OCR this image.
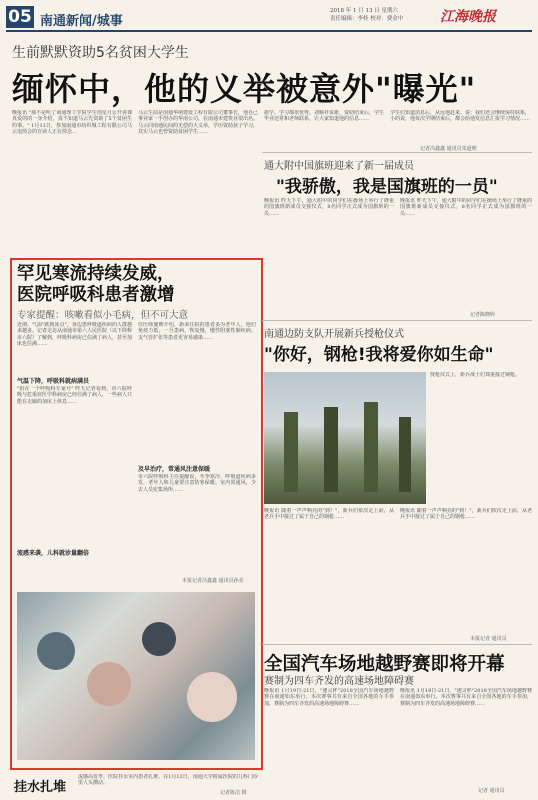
05 南通新闻/城事
2018 年 1 月 13 日 星期六
责任编辑：李桂 校对：费金中	江海晚报
生前默默资助5名贫困大学生
缅怀中，他的义举被意外"曝光"
晚报讯 "那不是听了南通理工学院学生创星月公开讲课真爱的的一身介绍，真不知道马云先资助了5个贫困生的事。" 1月11日，参加南通市纺织城工程有限公司马云追悼会的宣读人正在悼念…
马云生前是南通华纳建设工程有限公司董事长，他自己事业家一手创办的华南公司，在南通市建筑业很出名。马云同南通民间的无偿的大义举，学历资助孩子学习，其实马云也曾资助贫困学生……
据学、学习都很优秀。刘顺祥说新，资助结束后，学生毕业还常和老师联系，让大家知道他的信息……
学生们知道消息后，从远地赶来。说：我们还会继续保持联系，小的说，他每次学期结束后，都会给他发信息汇报学习情况……
记者冯鑫鑫 通讯员朱道理
罕见寒流持续发威，
医院呼吸科患者激增
专家提醒：咳嗽看似小毛病，但不可大意
近期，气温"跌到冰点"，身边患呼吸道疾病的人群越来越多。记者走访从南通市第六人民医院（以下简称市六院）了解到，呼吸科病房已住满了病人，甚至加床也住满……
气温下降，呼吸科就病满员
"拍在一个呼吸科专家号" 昨天记者看到，市六院呼吸与危重症医学科病房已经住满了病人，一些病人只能在走廊的加床上休息……
流感来袭，儿科就诊量翻倍
任医师施朝介绍，新来住院的患者多为老年人，他们免疫力低，一旦患病，恢复慢，慢性阻塞性肺疾病、支气管扩张等患者更容易感染……
及早治疗，常通风注意保暖
市六院呼吸科主任提醒说，冬季寒冷，呼吸道疾病多发，老年人和儿童要注意防寒保暖。室内常通风，少去人员密集场所……
本报记者冯鑫鑫 通讯员孙美
通大附中国旗班迎来了新一届成员
"我骄傲，我是国旗班的一员"
晚报讯 昨天下午，通大附中的同学们在操场上举行了隆重的国旗班新成员交接仪式，8名同学正式成为国旗班的一员……
晚报讯 昨天下午，通大附中的同学们在操场上举行了隆重的国旗班新成员交接仪式，8名同学正式成为国旗班的一员……
记者陈晓婷
南通边防支队开展新兵授枪仪式
"你好，钢枪!我将爱你如生命"
授枪仪式上，新兵战士们郑重接过钢枪。
晚报讯 随着一声声响亮的"到！"，新兵们依次走上前，从老兵手中接过了属于自己的钢枪……
晚报讯 随着一声声响亮的"到！"，新兵们依次走上前，从老兵手中接过了属于自己的钢枪……
本报记者 通讯员
全国汽车场地越野赛即将开幕
赛制为四车齐发的高速场地障碍赛
晚报讯 1月19日-21日，"速灵杯"2018全国汽车场地越野赛在南通如东举行。本次赛事共有来自全国各地的车手参加，赛制为四车齐发的高速场地障碍赛……
晚报讯 1月19日-21日，"速灵杯"2018全国汽车场地越野赛在南通如东举行。本次赛事共有来自全国各地的车手参加，赛制为四车齐发的高速场地障碍赛……
记者 通讯员
挂水扎堆
流感高发季，医院挂水室内患者扎堆。在1月12日，南通大学附属医院的儿科门诊里人头攒动。
记者陈洁 摄
